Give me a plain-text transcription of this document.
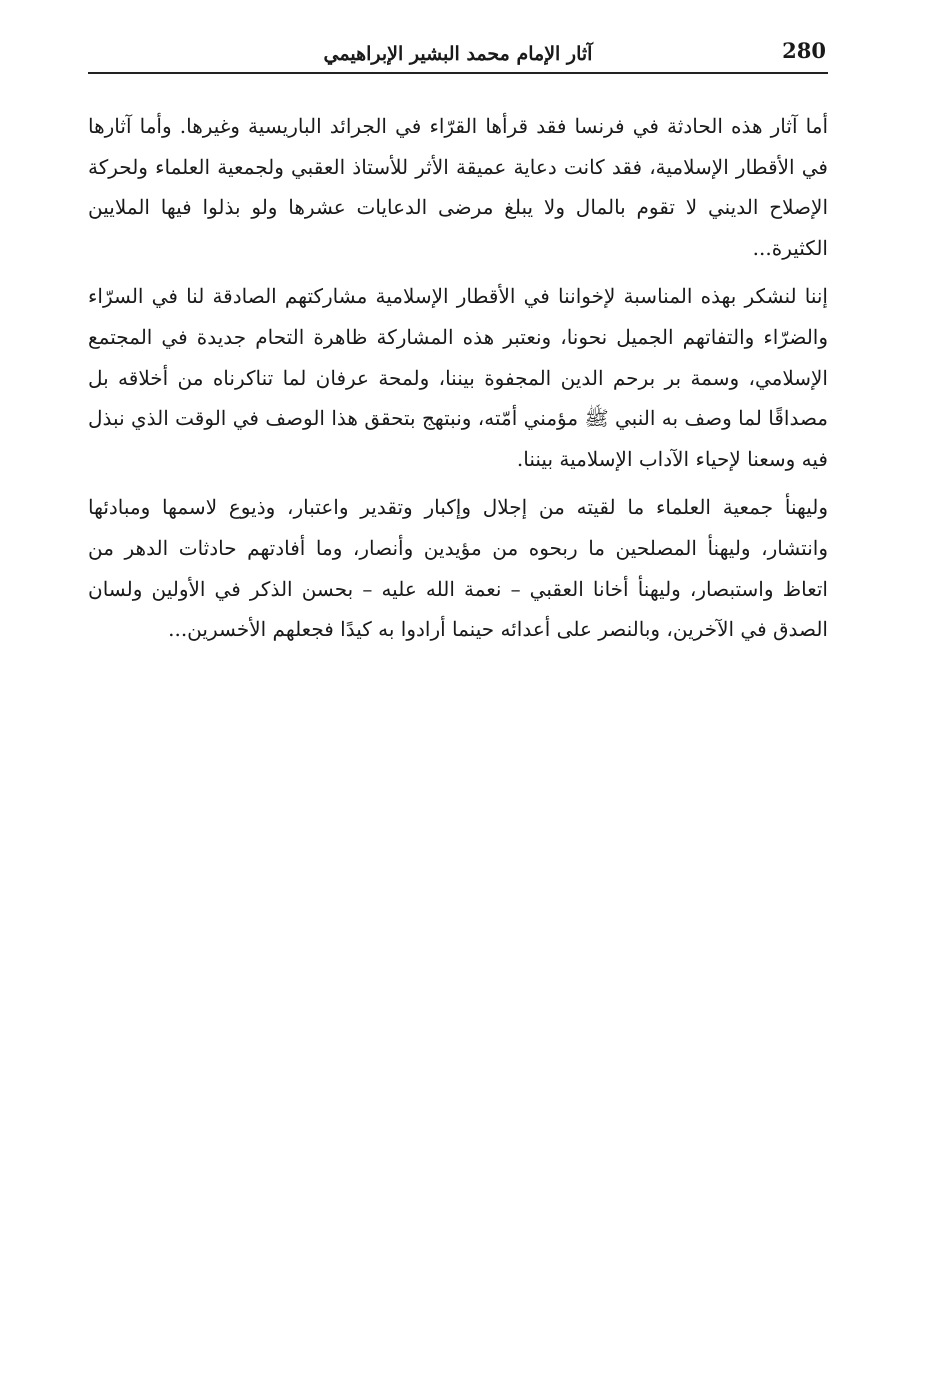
280
آثار الإمام محمد البشير الإبراهيمي

أما آثار هذه الحادثة في فرنسا فقد قرأها القرّاء في الجرائد الباريسية وغيرها. وأما آثارها في الأقطار الإسلامية، فقد كانت دعاية عميقة الأثر للأستاذ العقبي ولجمعية العلماء ولحركة الإصلاح الديني لا تقوم بالمال ولا يبلغ مرضى الدعايات عشرها ولو بذلوا فيها الملايين الكثيرة...

إننا لنشكر بهذه المناسبة لإخواننا في الأقطار الإسلامية مشاركتهم الصادقة لنا في السرّاء والضرّاء والتفاتهم الجميل نحونا، ونعتبر هذه المشاركة ظاهرة التحام جديدة في المجتمع الإسلامي، وسمة بر برحم الدين المجفوة بيننا، ولمحة عرفان لما تناكرناه من أخلاقه بل مصداقًا لما وصف به النبي ﷺ مؤمني أمّته، ونبتهج بتحقق هذا الوصف في الوقت الذي نبذل فيه وسعنا لإحياء الآداب الإسلامية بيننا.

وليهنأ جمعية العلماء ما لقيته من إجلال وإكبار وتقدير واعتبار، وذيوع لاسمها ومبادئها وانتشار، وليهنأ المصلحين ما ربحوه من مؤيدين وأنصار، وما أفادتهم حادثات الدهر من اتعاظ واستبصار، وليهنأ أخانا العقبي – نعمة الله عليه – بحسن الذكر في الأولين ولسان الصدق في الآخرين، وبالنصر على أعدائه حينما أرادوا به كيدًا فجعلهم الأخسرين...
